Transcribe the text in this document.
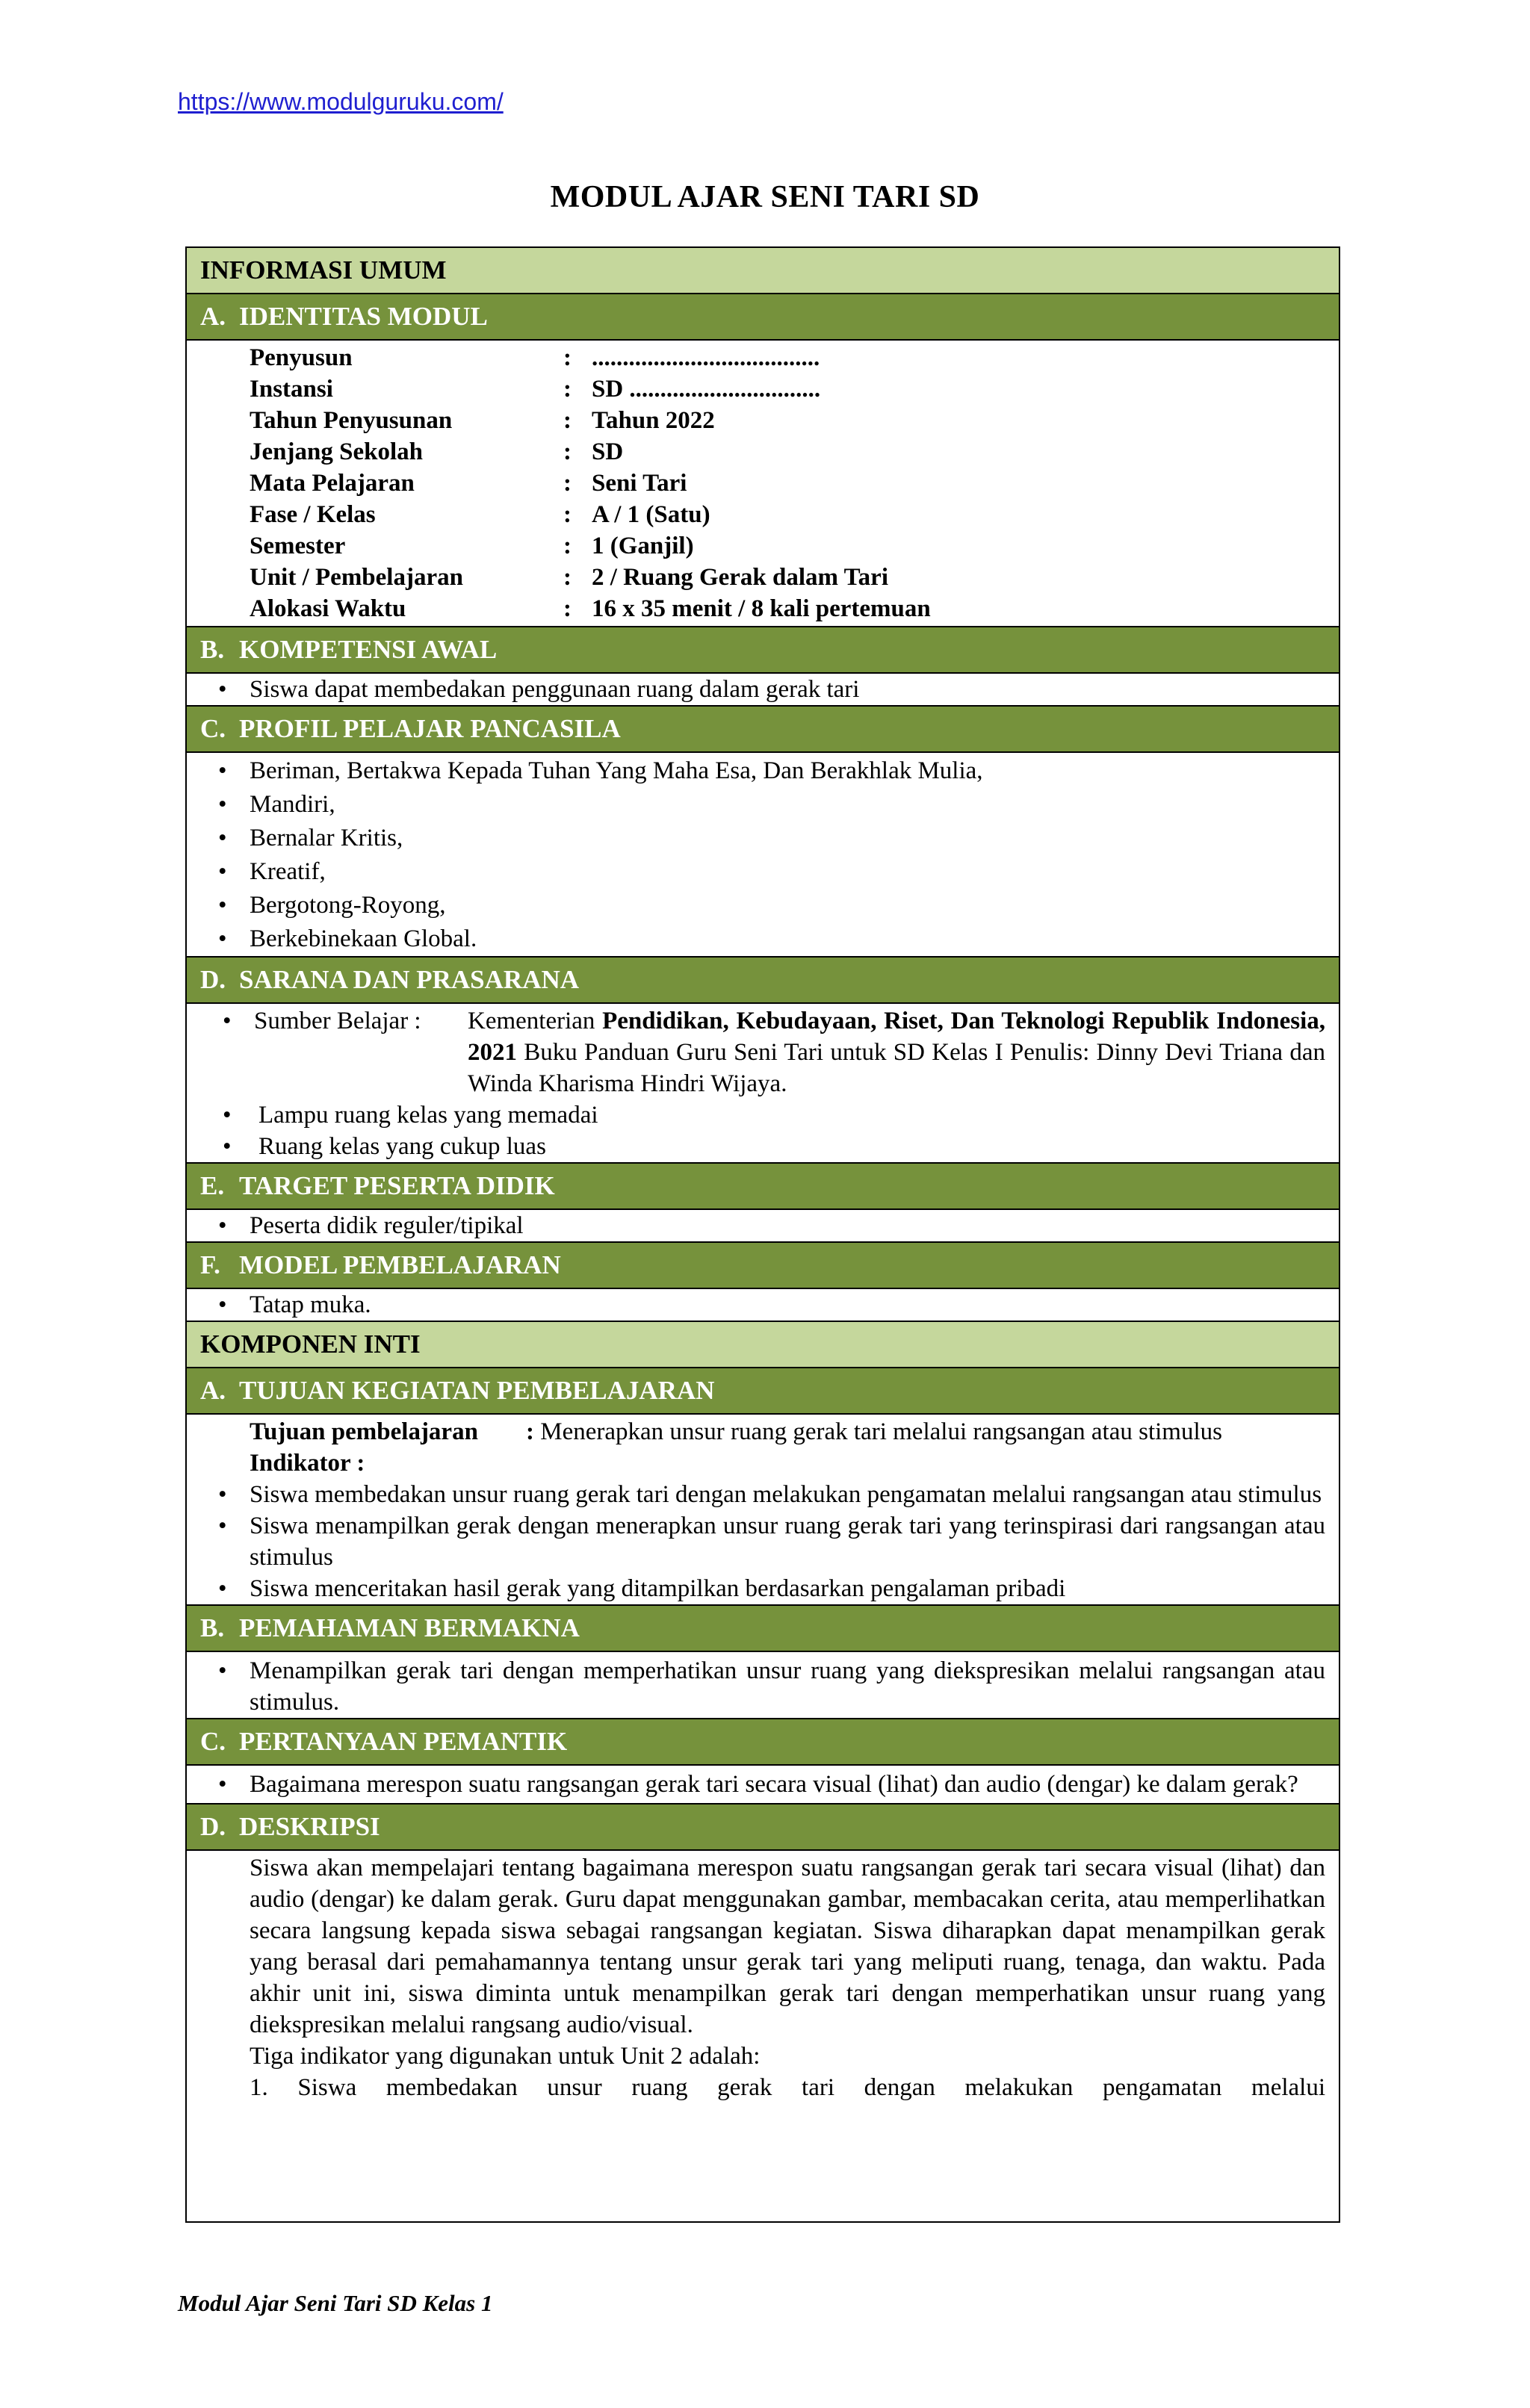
https://www.modulguruku.com/
MODUL AJAR SENI TARI SD
INFORMASI UMUM
A. IDENTITAS MODUL
Penyusun	: .....................................
Instansi	: SD ...............................
Tahun Penyusunan	: Tahun 2022
Jenjang Sekolah	: SD
Mata Pelajaran	: Seni Tari
Fase / Kelas	: A / 1 (Satu)
Semester	: 1 (Ganjil)
Unit / Pembelajaran	: 2 / Ruang Gerak dalam Tari
Alokasi Waktu	: 16 x 35 menit / 8 kali pertemuan
B. KOMPETENSI AWAL
• Siswa dapat membedakan penggunaan ruang dalam gerak tari
C. PROFIL PELAJAR PANCASILA
• Beriman, Bertakwa Kepada Tuhan Yang Maha Esa, Dan Berakhlak Mulia,
• Mandiri,
• Bernalar Kritis,
• Kreatif,
• Bergotong-Royong,
• Berkebinekaan Global.
D. SARANA DAN PRASARANA
• Sumber Belajar :	Kementerian Pendidikan, Kebudayaan, Riset, Dan Teknologi Republik Indonesia, 2021 Buku Panduan Guru Seni Tari untuk SD Kelas I Penulis: Dinny Devi Triana dan Winda Kharisma Hindri Wijaya.
• Lampu ruang kelas yang memadai
• Ruang kelas yang cukup luas
E. TARGET PESERTA DIDIK
• Peserta didik reguler/tipikal
F. MODEL PEMBELAJARAN
• Tatap muka.
KOMPONEN INTI
A. TUJUAN KEGIATAN PEMBELAJARAN
Tujuan pembelajaran : Menerapkan unsur ruang gerak tari melalui rangsangan atau stimulus
Indikator :
• Siswa membedakan unsur ruang gerak tari dengan melakukan pengamatan melalui rangsangan atau stimulus
• Siswa menampilkan gerak dengan menerapkan unsur ruang gerak tari yang terinspirasi dari rangsangan atau stimulus
• Siswa menceritakan hasil gerak yang ditampilkan berdasarkan pengalaman pribadi
B. PEMAHAMAN BERMAKNA
• Menampilkan gerak tari dengan memperhatikan unsur ruang yang diekspresikan melalui rangsangan atau stimulus.
C. PERTANYAAN PEMANTIK
• Bagaimana merespon suatu rangsangan gerak tari secara visual (lihat) dan audio (dengar) ke dalam gerak?
D. DESKRIPSI
Siswa akan mempelajari tentang bagaimana merespon suatu rangsangan gerak tari secara visual (lihat) dan audio (dengar) ke dalam gerak. Guru dapat menggunakan gambar, membacakan cerita, atau memperlihatkan secara langsung kepada siswa sebagai rangsangan kegiatan. Siswa diharapkan dapat menampilkan gerak yang berasal dari pemahamannya tentang unsur gerak tari yang meliputi ruang, tenaga, dan waktu. Pada akhir unit ini, siswa diminta untuk menampilkan gerak tari dengan memperhatikan unsur ruang yang diekspresikan melalui rangsang audio/visual.
Tiga indikator yang digunakan untuk Unit 2 adalah:
1. Siswa membedakan unsur ruang gerak tari dengan melakukan pengamatan melalui
Modul Ajar Seni Tari SD Kelas 1
